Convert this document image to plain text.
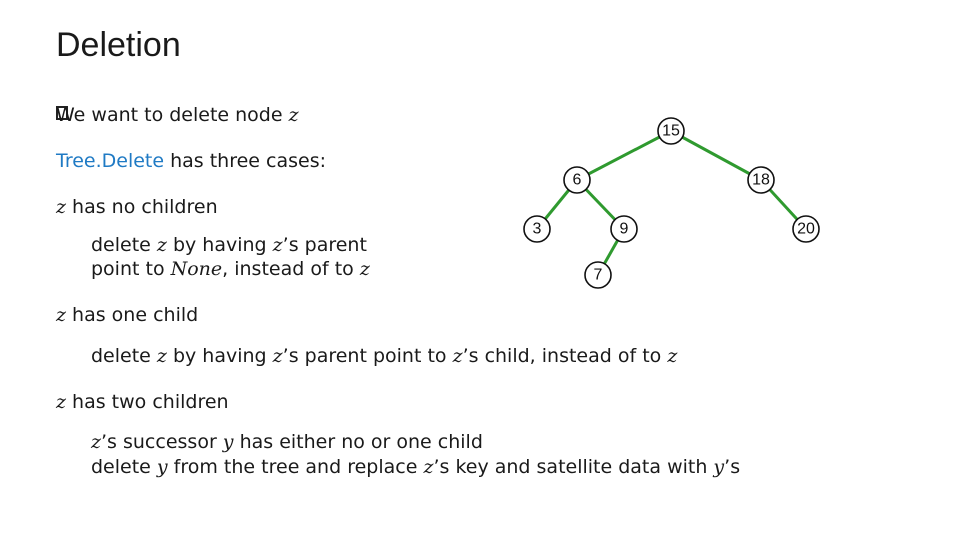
Deletion
We want to delete node z
Tree.Delete has three cases:
z has no children
delete z by having z’s parent
point to None, instead of to z
z has one child
delete z by having z’s parent point to z’s child, instead of to z
z has two children
z’s successor y has either no or one child
delete y from the tree and replace z’s key and satellite data with y’s
15
6	18
3	9	20
7
